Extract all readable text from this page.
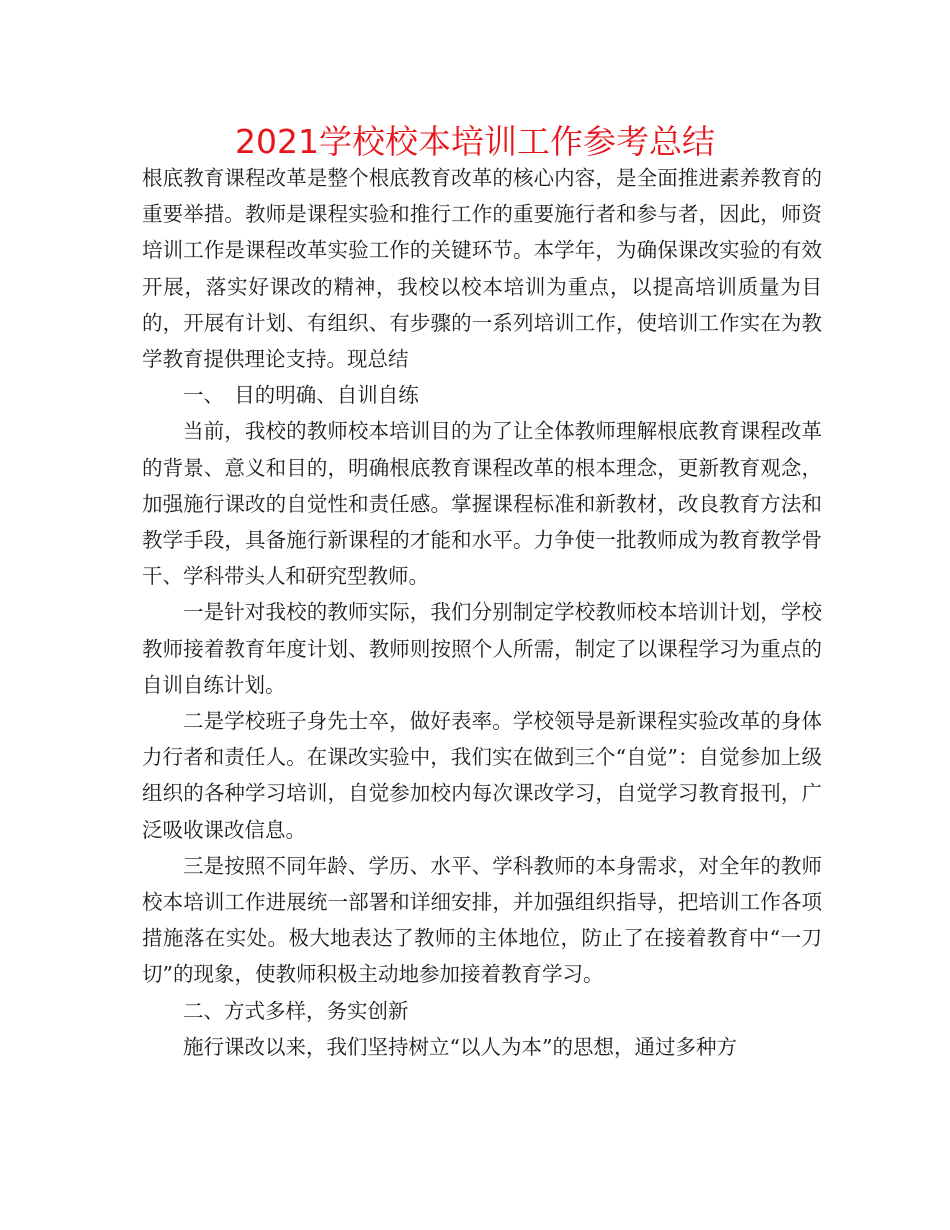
2021学校校本培训工作参考总结

根底教育课程改革是整个根底教育改革的核心内容，是全面推进素养教育的重要举措。教师是课程实验和推行工作的重要施行者和参与者，因此，师资培训工作是课程改革实验工作的关键环节。本学年，为确保课改实验的有效开展，落实好课改的精神，我校以校本培训为重点，以提高培训质量为目的，开展有计划、有组织、有步骤的一系列培训工作，使培训工作实在为教学教育提供理论支持。现总结

一、　目的明确、自训自练

当前，我校的教师校本培训目的为了让全体教师理解根底教育课程改革的背景、意义和目的，明确根底教育课程改革的根本理念，更新教育观念，加强施行课改的自觉性和责任感。掌握课程标准和新教材，改良教育方法和教学手段，具备施行新课程的才能和水平。力争使一批教师成为教育教学骨干、学科带头人和研究型教师。

一是针对我校的教师实际，我们分别制定学校教师校本培训计划，学校教师接着教育年度计划、教师则按照个人所需，制定了以课程学习为重点的自训自练计划。

二是学校班子身先士卒，做好表率。学校领导是新课程实验改革的身体力行者和责任人。在课改实验中，我们实在做到三个“自觉”：自觉参加上级组织的各种学习培训，自觉参加校内每次课改学习，自觉学习教育报刊，广泛吸收课改信息。

三是按照不同年龄、学历、水平、学科教师的本身需求，对全年的教师校本培训工作进展统一部署和详细安排，并加强组织指导，把培训工作各项措施落在实处。极大地表达了教师的主体地位，防止了在接着教育中“一刀切”的现象，使教师积极主动地参加接着教育学习。

二、方式多样，务实创新

施行课改以来，我们坚持树立“以人为本”的思想，通过多种方
